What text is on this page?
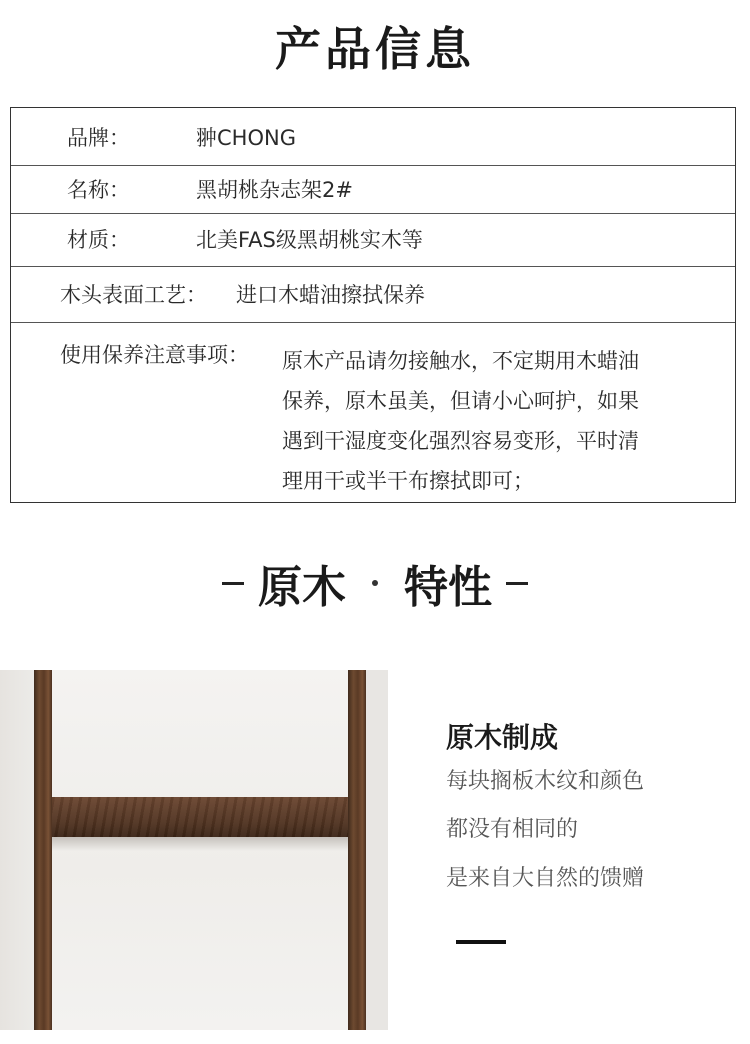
产品信息
品牌：	翀CHONG
名称：	黑胡桃杂志架2#
材质：	北美FAS级黑胡桃实木等
木头表面工艺： 进口木蜡油擦拭保养
使用保养注意事项： 原木产品请勿接触水，不定期用木蜡油
保养，原木虽美，但请小心呵护，如果
遇到干湿度变化强烈容易变形，平时清
理用干或半干布擦拭即可；
原木 特性
原木制成
每块搁板木纹和颜色
都没有相同的
是来自大自然的馈赠
